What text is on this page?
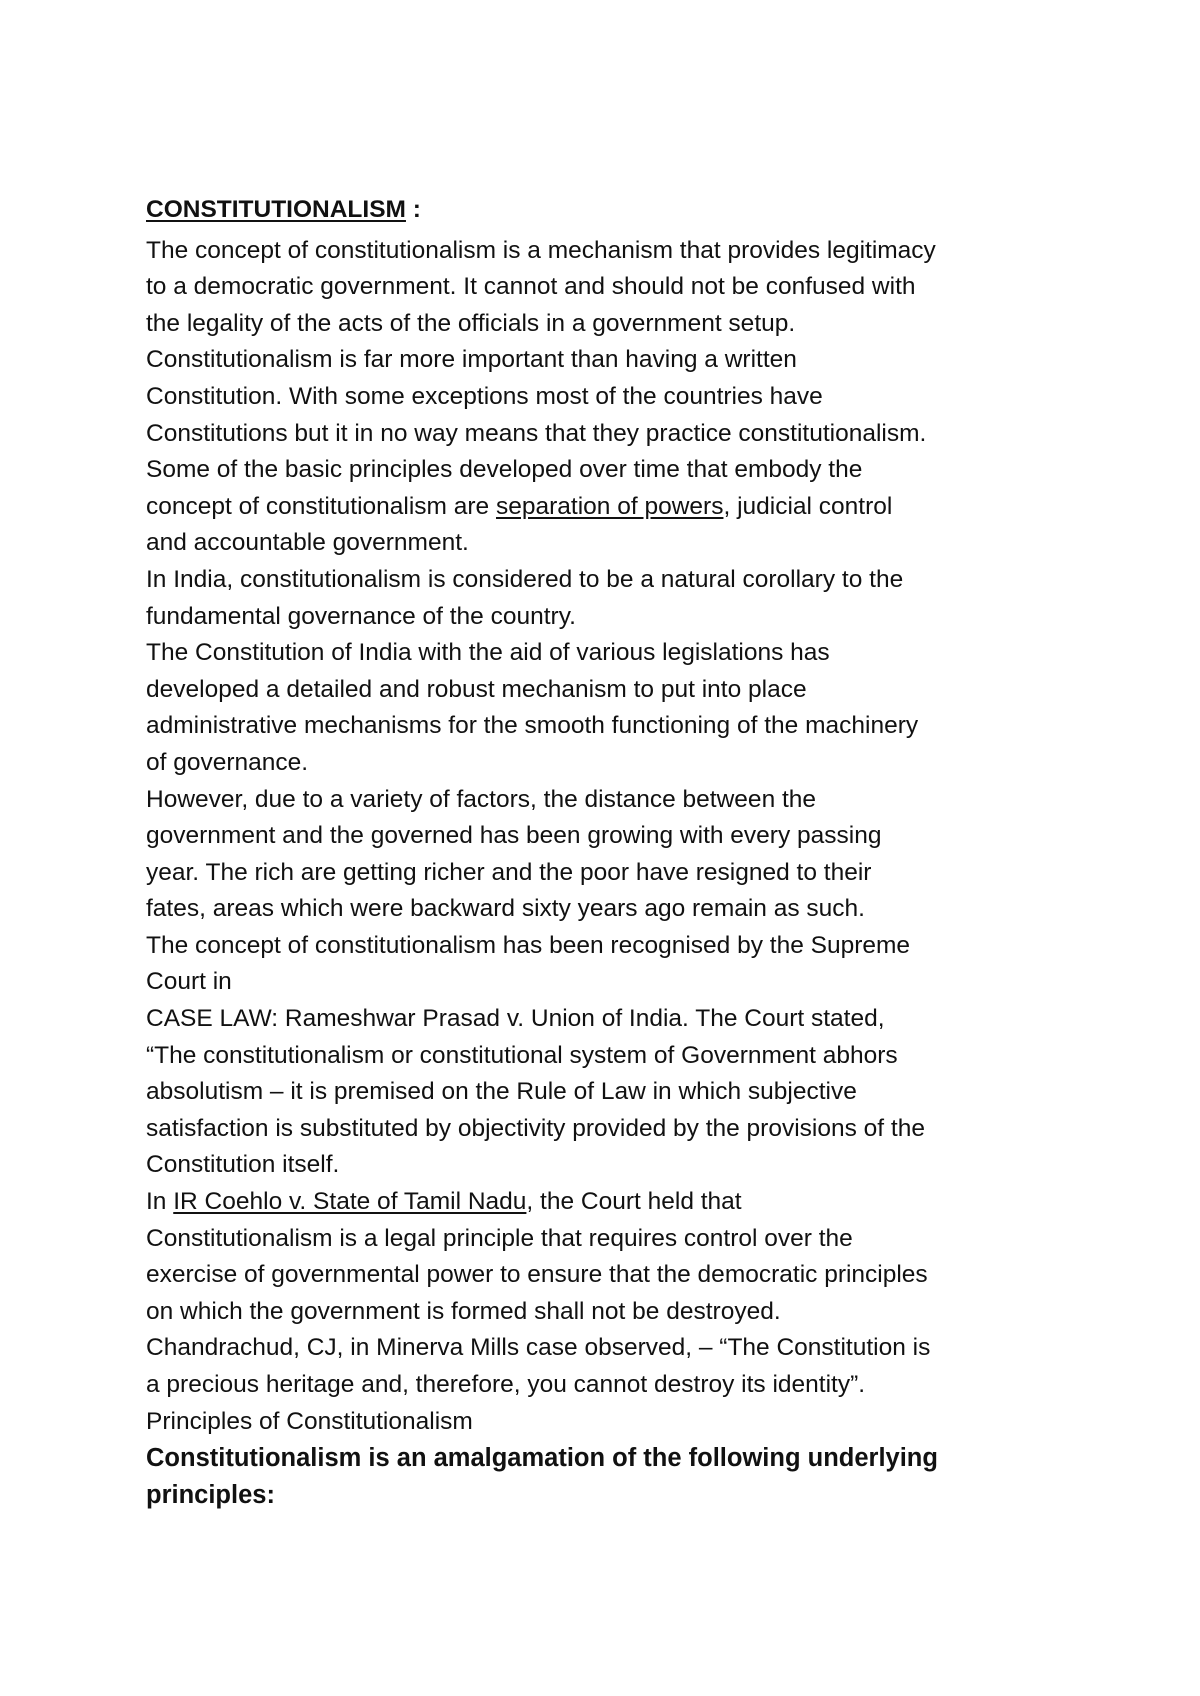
CONSTITUTIONALISM :
The concept of constitutionalism is a mechanism that provides legitimacy
to a democratic government. It cannot and should not be confused with
the legality of the acts of the officials in a government setup.
Constitutionalism is far more important than having a written
Constitution. With some exceptions most of the countries have
Constitutions but it in no way means that they practice constitutionalism.
Some of the basic principles developed over time that embody the
concept of constitutionalism are separation of powers, judicial control
and accountable government.
In India, constitutionalism is considered to be a natural corollary to the
fundamental governance of the country.
The Constitution of India with the aid of various legislations has
developed a detailed and robust mechanism to put into place
administrative mechanisms for the smooth functioning of the machinery
of governance.
However, due to a variety of factors, the distance between the
government and the governed has been growing with every passing
year. The rich are getting richer and the poor have resigned to their
fates, areas which were backward sixty years ago remain as such.
The concept of constitutionalism has been recognised by the Supreme
Court in
CASE LAW: Rameshwar Prasad v. Union of India. The Court stated,
“The constitutionalism or constitutional system of Government abhors
absolutism – it is premised on the Rule of Law in which subjective
satisfaction is substituted by objectivity provided by the provisions of the
Constitution itself.
In IR Coehlo v. State of Tamil Nadu, the Court held that
Constitutionalism is a legal principle that requires control over the
exercise of governmental power to ensure that the democratic principles
on which the government is formed shall not be destroyed.
Chandrachud, CJ, in Minerva Mills case observed, – “The Constitution is
a precious heritage and, therefore, you cannot destroy its identity”.
Principles of Constitutionalism
Constitutionalism is an amalgamation of the following underlying
principles:
